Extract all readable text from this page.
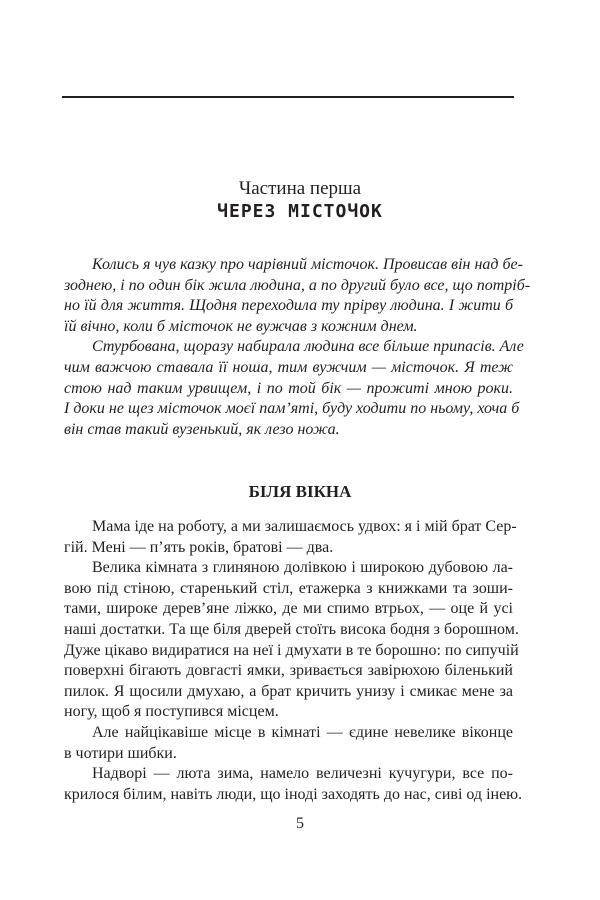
Частина перша
ЧЕРЕЗ МІСТОЧОК
Колись я чув казку про чарівний місточок. Провисав він над бе-
зоднею, і по один бік жила людина, а по другий було все, що потріб-
но їй для життя. Щодня переходила ту прірву людина. І жити б
їй вічно, коли б місточок не вужчав з кожним днем.
Стурбована, щоразу набирала людина все більше припасів. Але
чим важчою ставала її ноша, тим вужчим — місточок. Я теж
стою над таким урвищем, і по той бік — прожиті мною роки.
І доки не щез місточок моєї пам’яті, буду ходити по ньому, хоча б
він став такий вузенький, як лезо ножа.
БІЛЯ ВІКНА
Мама іде на роботу, а ми залишаємось удвох: я і мій брат Сер-
гій. Мені — п’ять років, братові — два.
Велика кімната з глиняною долівкою і широкою дубовою ла-
вою під стіною, старенький стіл, етажерка з книжками та зоши-
тами, широке дерев’яне ліжко, де ми спимо втрьох, — оце й усі
наші достатки. Та ще біля дверей стоїть висока бодня з борошном.
Дуже цікаво видиратися на неї і дмухати в те борошно: по сипучій
поверхні бігають довгасті ямки, зривається завірюхою біленький
пилок. Я щосили дмухаю, а брат кричить унизу і смикає мене за
ногу, щоб я поступився місцем.
Але найцікавіше місце в кімнаті — єдине невелике віконце
в чотири шибки.
Надворі — люта зима, намело величезні кучугури, все по-
крилося білим, навіть люди, що іноді заходять до нас, сиві од інею.
5
